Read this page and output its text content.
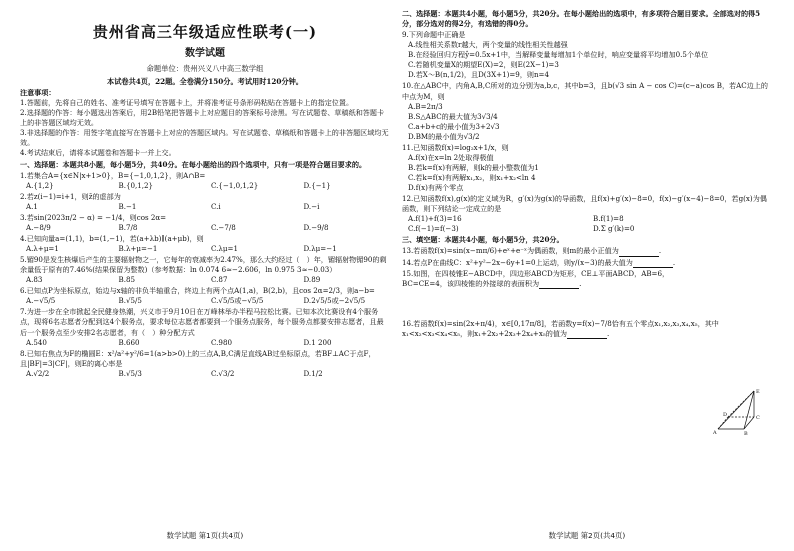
贵州省高三年级适应性联考(一)
数学试题
命题单位：贵州兴义八中高三数学组
本试卷共4页，22题。全卷满分150分。考试用时120分钟。

注意事项：

1.答题前，先将自己的姓名、准考证号填写在答题卡上，并将准考证号条形码粘贴在答题卡上的指定位置。

2.选择题的作答：每小题选出答案后，用2B铅笔把答题卡上对应题目的答案标号涂黑。写在试题卷、草稿纸和答题卡上的非答题区域均无效。

3.非选择题的作答：用签字笔直接写在答题卡上对应的答题区域内。写在试题卷、草稿纸和答题卡上的非答题区域均无效。

4.考试结束后，请将本试题卷和答题卡一并上交。

一、选择题：本题共8小题，每小题5分，共40分。在每小题给出的四个选项中，只有一项是符合题目要求的。

1.若集合A={x∈N|x+1>0}，B={−1,0,1,2}，则A∩B=

A.{1,2}	B.{0,1,2}	C.{−1,0,1,2}	D.{−1}

2.若z(i−1)=i+1，则z̄的虚部为

A.1	B.−1	C.i	D.−i

3.若sin(2023π/2 − α) = −1/4，则cos 2α=

A.−8/9	B.7/8	C.−7/8	D.−9/8

4.已知向量a=(1,1)，b=(1,−1)，若(a+λb)∥(a+μb)，则

A.λ+μ=1	B.λ+μ=−1	C.λμ=1	D.λμ=−1

5.镅90是发生核爆后产生的主要辐射物之一，它每年的衰减率为2.47%，那么大约经过（　）年，镅辐射物镅90的剩余量低于原有的7.46%(结果保留为整数)（参考数据：ln 0.074 6≈−2.606，ln 0.975 3≈−0.03）

A.83	B.85	C.87	D.89

6.已知点P为坐标原点，始边与x轴的非负半轴重合，终边上有两个点A(1,a)，B(2,b)，且cos 2α=2/3，则a−b=

A.−√5/5	B.√5/5	C.√5/5或−√5/5	D.2√5/5或−2√5/5

7.为进一步在全市掀起全民健身热潮，兴义市于9月10日在万峰林举办半程马拉松比赛。已知本次比赛设有4个服务点，现将6名志愿者分配到这4个服务点，要求每位志愿者都要到一个服务点服务，每个服务点都要安排志愿者，且最后一个服务点至少安排2名志愿者，有（　）种分配方式

A.540	B.660	C.980	D.1 200

8.已知右焦点为F的椭圆E：x²/a²+y²/6=1(a>b>0)上的三点A,B,C满足直线AB过坐标原点，若BF⊥AC于点F，且|BF|=3|CF|，则E的离心率是

A.√2/2	B.√5/3	C.√3/2	D.1/2
数学试题 第1页(共4页)

二、选择题：本题共4小题，每小题5分，共20分。在每小题给出的选项中，有多项符合题目要求。全部选对的得5分，部分选对的得2分，有选错的得0分。

9.下列命题中正确是

A.线性相关系数r越大，两个变量的线性相关性越强

B.在经验回归方程ŷ=0.5x+1中，当解释变量每增加1个单位时，响应变量将平均增加0.5个单位

C.若随机变量X的期望E(X)=2，则E(2X−1)=3

D.若X～B(n,1/2)，且D(3X+1)=9，则n=4

10.在△ABC中，内角A,B,C所对的边分别为a,b,c，其中b=3，且b(√3 sin A − cos C)=(c−a)cos B，若AC边上的中点为M，则

A.B=2π/3

B.S△ABC的最大值为3√3/4

C.a+b+c的最小值为3+2√3

D.BM的最小值为√3/2

11.已知函数f(x)=log₂x+1/x，则

A.f(x)在x=ln 2处取得极值

B.若k=f(x)有两解，则k的最小整数值为1

C.若k=f(x)有两解x₁,x₂，则x₁+x₂<ln 4

D.f(x)有两个零点

12.已知函数f(x),g(x)的定义域为R，g′(x)为g(x)的导函数，且f(x)+g′(x)−8=0，f(x)−g′(x−4)−8=0，若g(x)为偶函数，则下列结论一定成立的是

A.f(1)+f(3)=16	B.f(1)=8
C.f(−1)=f(−3)	D.Σ g′(k)=0

三、填空题：本题共4小题，每小题5分，共20分。

13.若函数f(x)=sin(x−mπ/6)+eˣ+e⁻ˣ为偶函数，则m的最小正值为	.

14.若点P在曲线C：x²+y²−2x−6y+1=0上运动，则y/(x−3)的最大值为	.

15.如图，在四棱锥E−ABCD中，四边形ABCD为矩形，CE⊥平面ABCD，AB=6，BC=CE=4，该四棱锥的外接球的表面积为	.

16.若函数f(x)=sin(2x+π/4)，x∈[0,17π/8]，若函数y=f(x)−7/8恰有五个零点x₁,x₂,x₃,x₄,x₅，其中x₁<x₂<x₃<x₄<x₅，则x₁+2x₂+2x₃+2x₄+x₅的值为	.

E
D	C
A	B
数学试题 第2页(共4页)
